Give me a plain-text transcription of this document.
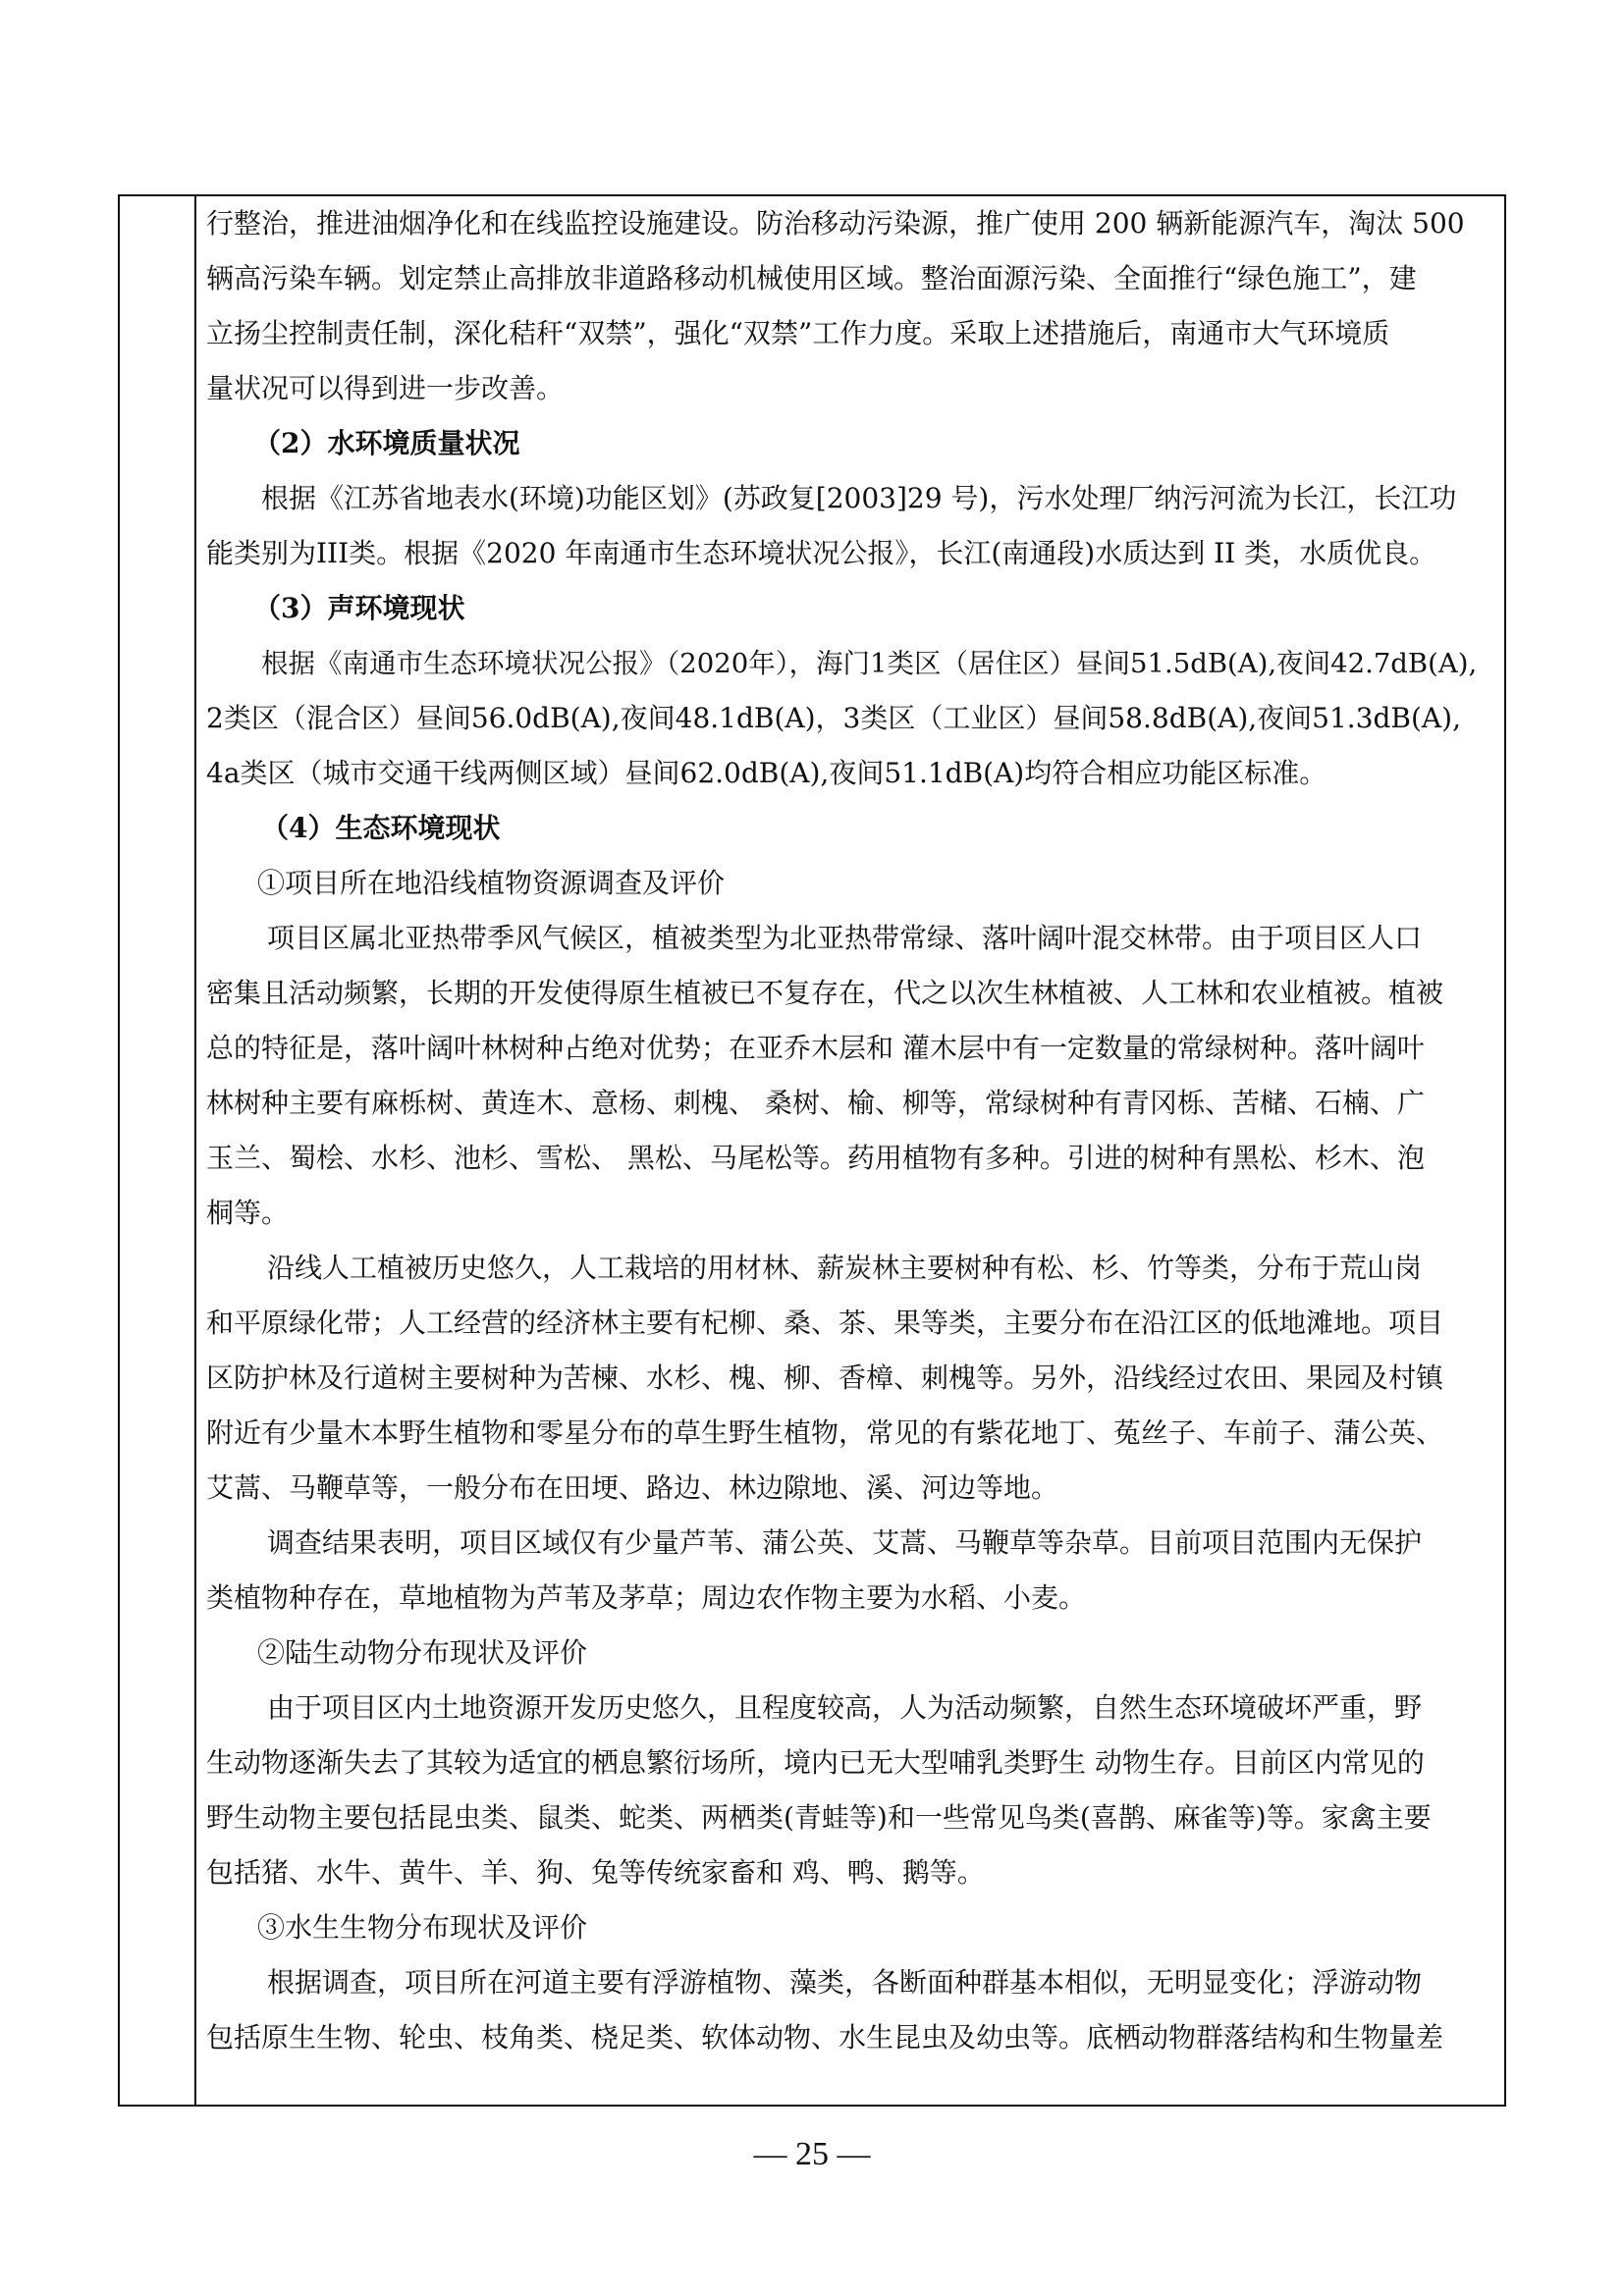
行整治，推进油烟净化和在线监控设施建设。防治移动污染源，推广使用 200 辆新能源汽车，淘汰 500
辆高污染车辆。划定禁止高排放非道路移动机械使用区域。整治面源污染、全面推行“绿色施工”，建
立扬尘控制责任制，深化秸秆“双禁”，强化“双禁”工作力度。采取上述措施后，南通市大气环境质
量状况可以得到进一步改善。
（2）水环境质量状况
根据《江苏省地表水(环境)功能区划》(苏政复[2003]29 号)，污水处理厂纳污河流为长江，长江功
能类别为III类。根据《2020 年南通市生态环境状况公报》，长江(南通段)水质达到 II 类，水质优良。
（3）声环境现状
根据《南通市生态环境状况公报》（2020年），海门1类区（居住区）昼间51.5dB(A),夜间42.7dB(A),
2类区（混合区）昼间56.0dB(A),夜间48.1dB(A)，3类区（工业区）昼间58.8dB(A),夜间51.3dB(A),
4a类区（城市交通干线两侧区域）昼间62.0dB(A),夜间51.1dB(A)均符合相应功能区标准。
（4）生态环境现状
①项目所在地沿线植物资源调查及评价
项目区属北亚热带季风气候区，植被类型为北亚热带常绿、落叶阔叶混交林带。由于项目区人口
密集且活动频繁，长期的开发使得原生植被已不复存在，代之以次生林植被、人工林和农业植被。植被
总的特征是，落叶阔叶林树种占绝对优势；在亚乔木层和 灌木层中有一定数量的常绿树种。落叶阔叶
林树种主要有麻栎树、黄连木、意杨、刺槐、 桑树、榆、柳等，常绿树种有青冈栎、苦槠、石楠、广
玉兰、蜀桧、水杉、池杉、雪松、 黑松、马尾松等。药用植物有多种。引进的树种有黑松、杉木、泡
桐等。
沿线人工植被历史悠久，人工栽培的用材林、薪炭林主要树种有松、杉、竹等类，分布于荒山岗
和平原绿化带；人工经营的经济林主要有杞柳、桑、茶、果等类，主要分布在沿江区的低地滩地。项目
区防护林及行道树主要树种为苦楝、水杉、槐、柳、香樟、刺槐等。另外，沿线经过农田、果园及村镇
附近有少量木本野生植物和零星分布的草生野生植物，常见的有紫花地丁、菟丝子、车前子、蒲公英、
艾蒿、马鞭草等，一般分布在田埂、路边、林边隙地、溪、河边等地。
调查结果表明，项目区域仅有少量芦苇、蒲公英、艾蒿、马鞭草等杂草。目前项目范围内无保护
类植物种存在，草地植物为芦苇及茅草；周边农作物主要为水稻、小麦。
②陆生动物分布现状及评价
由于项目区内土地资源开发历史悠久，且程度较高，人为活动频繁，自然生态环境破坏严重，野
生动物逐渐失去了其较为适宜的栖息繁衍场所，境内已无大型哺乳类野生 动物生存。目前区内常见的
野生动物主要包括昆虫类、鼠类、蛇类、两栖类(青蛙等)和一些常见鸟类(喜鹊、麻雀等)等。家禽主要
包括猪、水牛、黄牛、羊、狗、兔等传统家畜和 鸡、鸭、鹅等。
③水生生物分布现状及评价
根据调查，项目所在河道主要有浮游植物、藻类，各断面种群基本相似，无明显变化；浮游动物
包括原生生物、轮虫、枝角类、桡足类、软体动物、水生昆虫及幼虫等。底栖动物群落结构和生物量差
— 25 —
